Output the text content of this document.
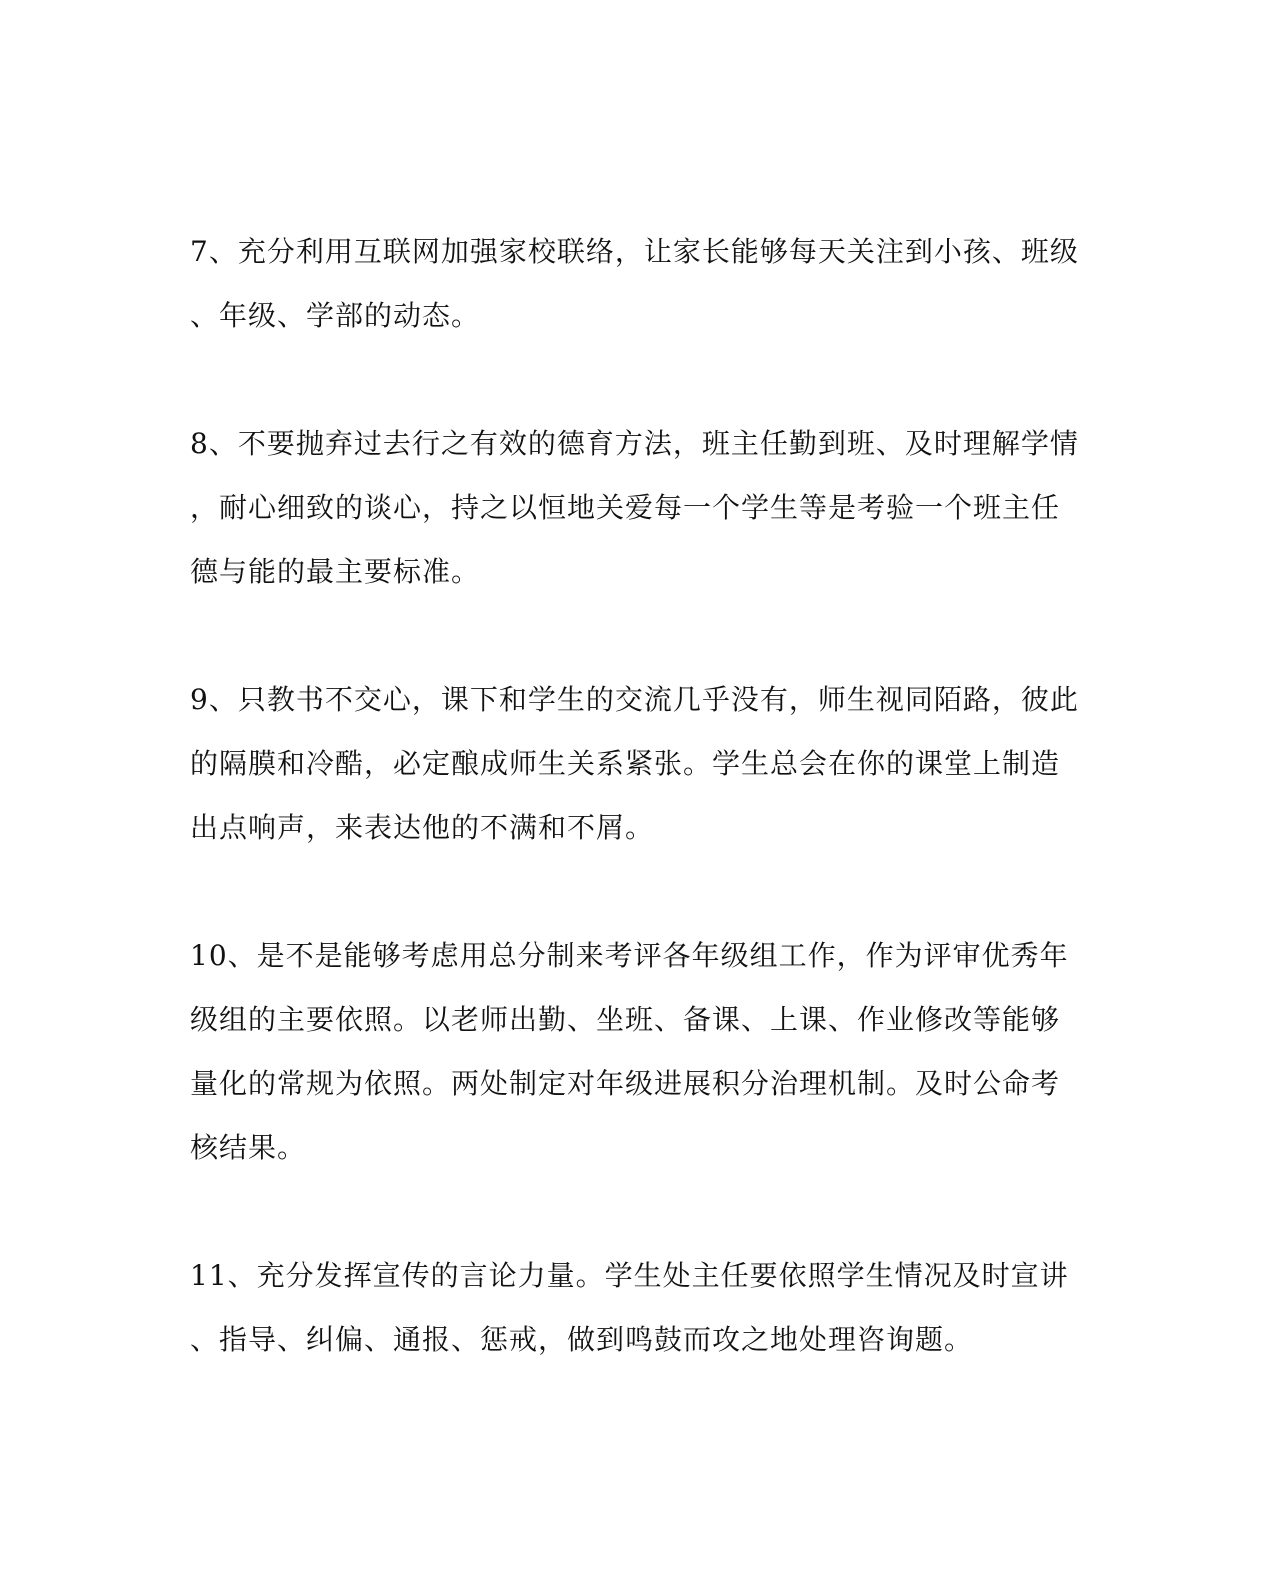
7、充分利用互联网加强家校联络，让家长能够每天关注到小孩、班级
、年级、学部的动态。
8、不要抛弃过去行之有效的德育方法，班主任勤到班、及时理解学情
，耐心细致的谈心，持之以恒地关爱每一个学生等是考验一个班主任
德与能的最主要标准。
9、只教书不交心，课下和学生的交流几乎没有，师生视同陌路，彼此
的隔膜和冷酷，必定酿成师生关系紧张。学生总会在你的课堂上制造
出点响声，来表达他的不满和不屑。
10、是不是能够考虑用总分制来考评各年级组工作，作为评审优秀年
级组的主要依照。以老师出勤、坐班、备课、上课、作业修改等能够
量化的常规为依照。两处制定对年级进展积分治理机制。及时公命考
核结果。
11、充分发挥宣传的言论力量。学生处主任要依照学生情况及时宣讲
、指导、纠偏、通报、惩戒，做到鸣鼓而攻之地处理咨询题。
